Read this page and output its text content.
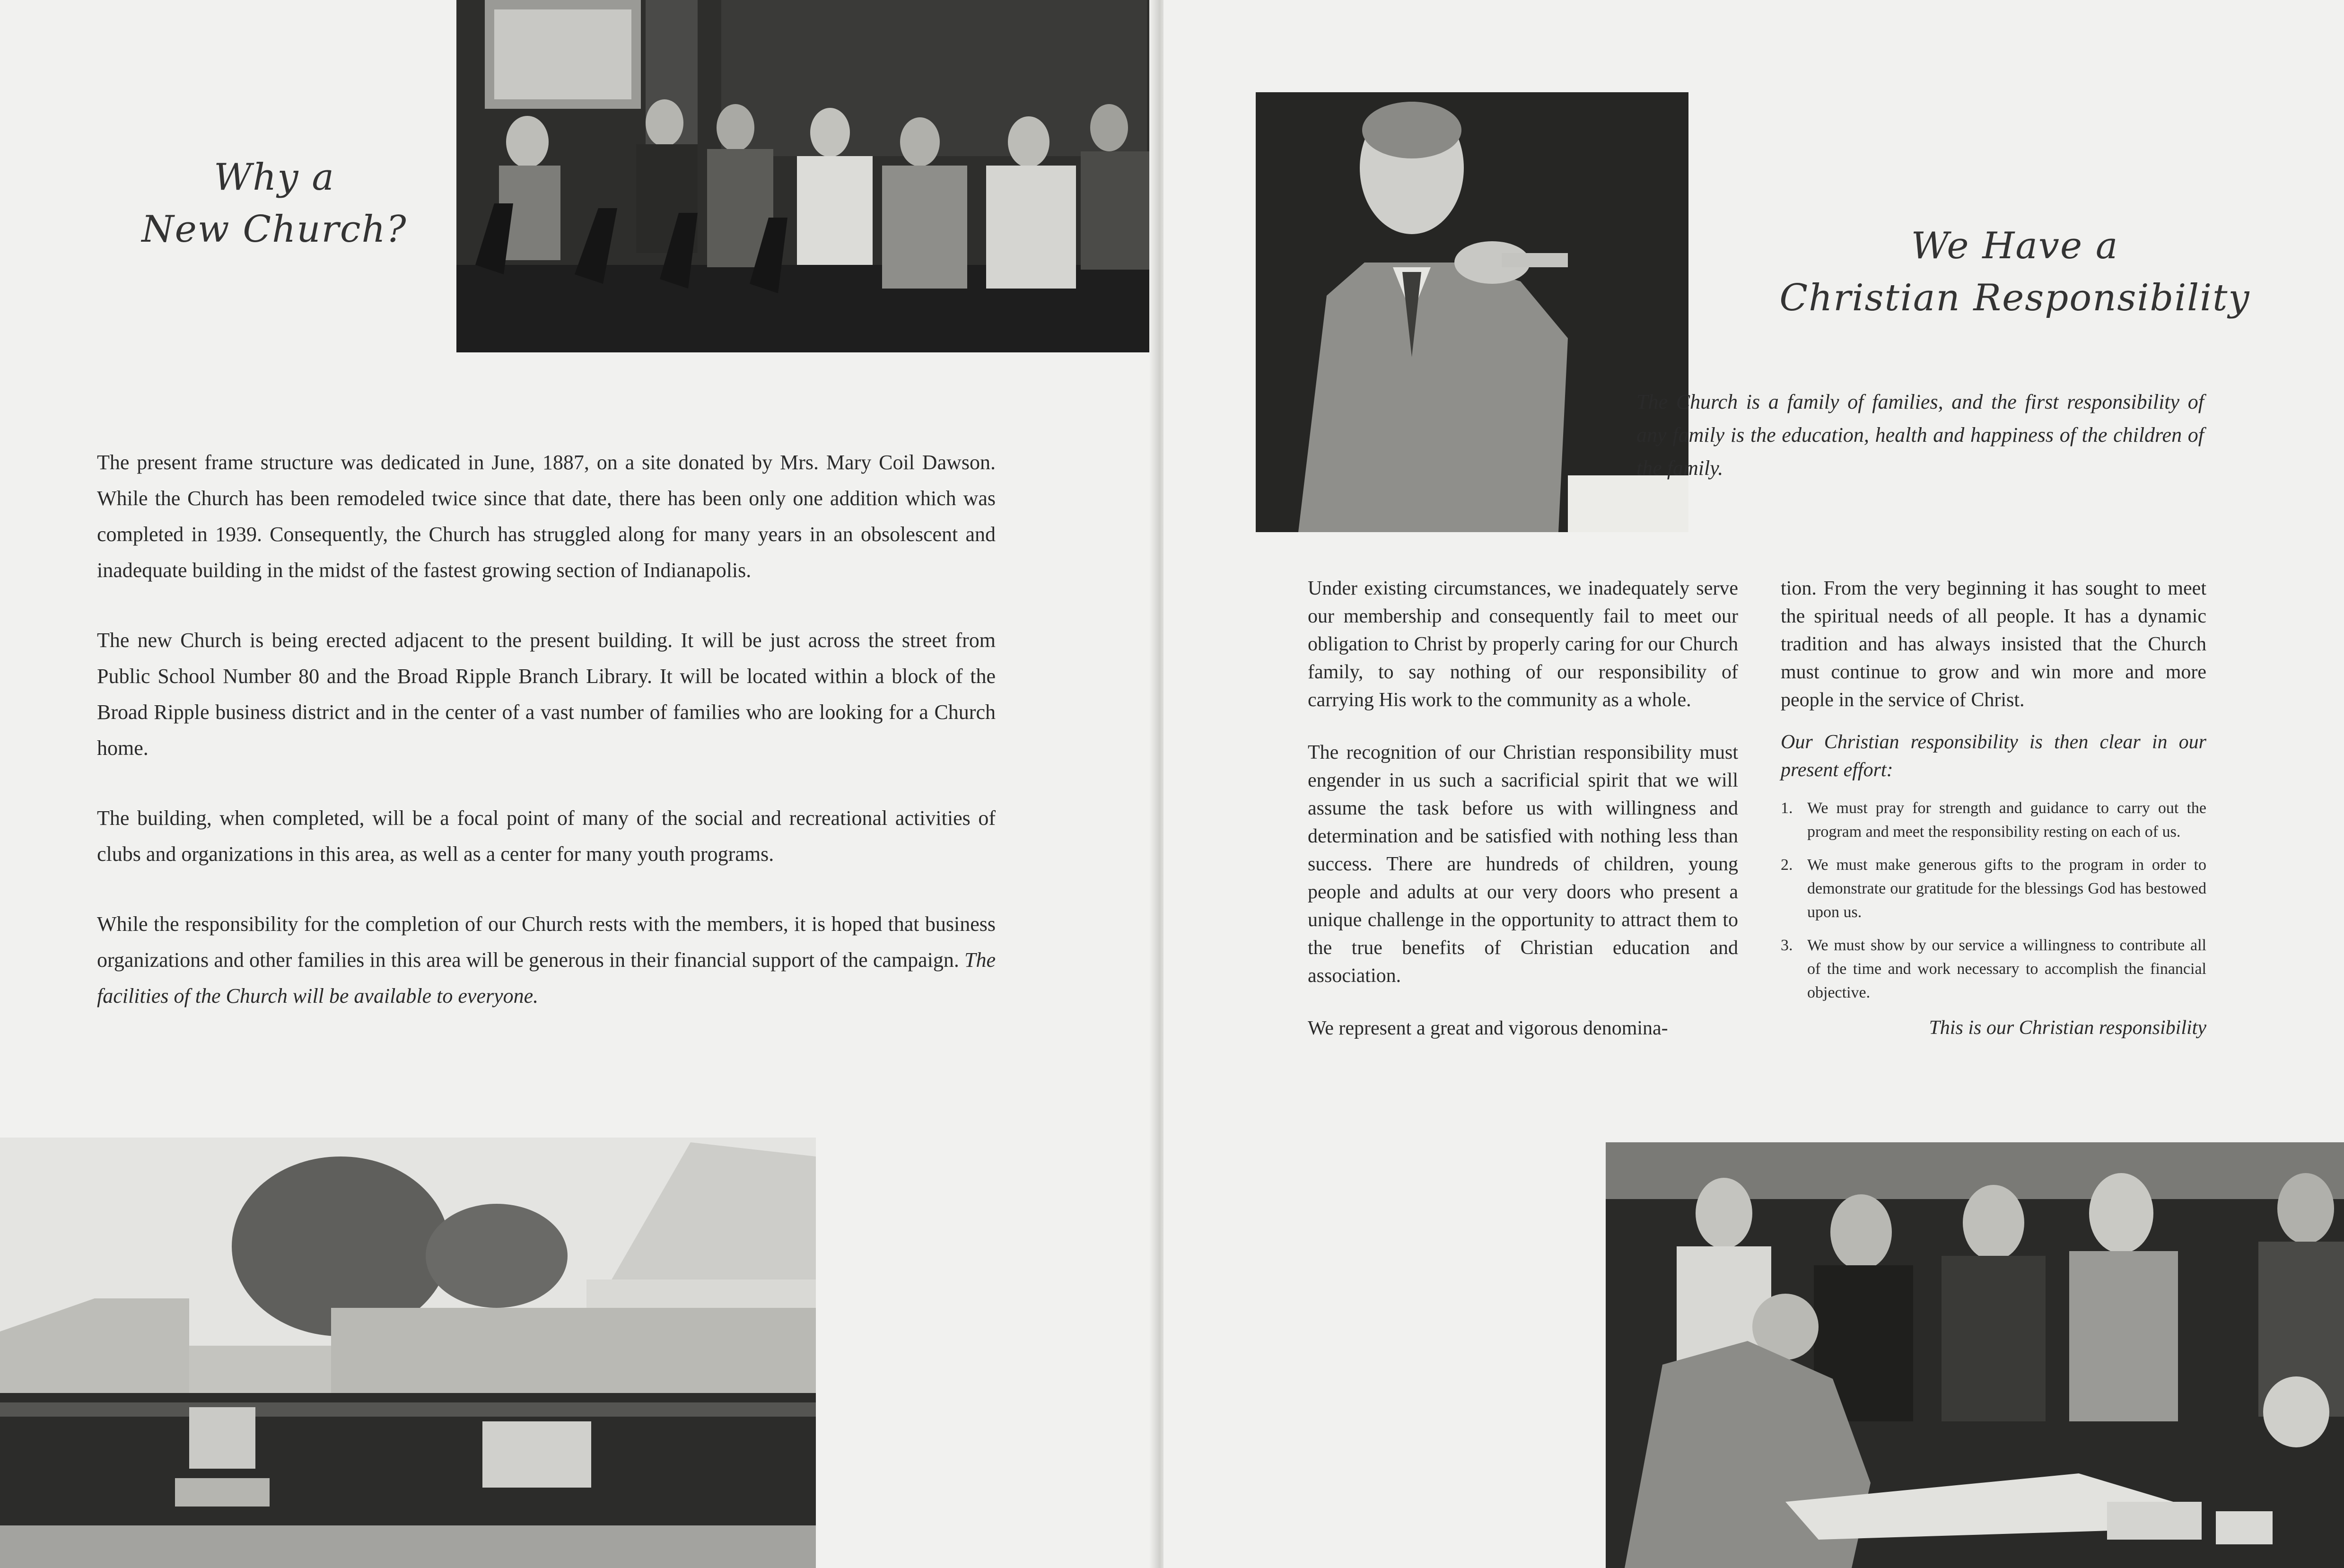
Why a
New Church?

The present frame structure was dedicated in June, 1887, on a site donated by Mrs. Mary Coil Dawson. While the Church has been remodeled twice since that date, there has been only one addition which was completed in 1939. Consequently, the Church has struggled along for many years in an obsolescent and inadequate building in the midst of the fastest growing section of Indianapolis.

The new Church is being erected adjacent to the present building. It will be just across the street from Public School Number 80 and the Broad Ripple Branch Library. It will be located within a block of the Broad Ripple business district and in the center of a vast number of families who are looking for a Church home.

The building, when completed, will be a focal point of many of the social and recreational activities of clubs and organizations in this area, as well as a center for many youth programs.

While the responsibility for the completion of our Church rests with the members, it is hoped that business organizations and other families in this area will be generous in their financial support of the campaign. The facilities of the Church will be available to everyone.

We Have a
Christian Responsibility
The Church is a family of families, and the first responsibility of any family is the education, health and happiness of the children of the family.

Under existing circumstances, we inadequately serve our membership and consequently fail to meet our obligation to Christ by properly caring for our Church family, to say nothing of our responsibility of carrying His work to the community as a whole.

The recognition of our Christian responsibility must engender in us such a sacrificial spirit that we will assume the task before us with willingness and determination and be satisfied with nothing less than success. There are hundreds of children, young people and adults at our very doors who present a unique challenge in the opportunity to attract them to the true benefits of Christian education and association.

We represent a great and vigorous denomina-

tion. From the very beginning it has sought to meet the spiritual needs of all people. It has a dynamic tradition and has always insisted that the Church must continue to grow and win more and more people in the service of Christ.

Our Christian responsibility is then clear in our present effort:

1. We must pray for strength and guidance to carry out the program and meet the responsibility resting on each of us.
2. We must make generous gifts to the program in order to demonstrate our gratitude for the blessings God has bestowed upon us.
3. We must show by our service a willingness to contribute all of the time and work necessary to accomplish the financial objective.

This is our Christian responsibility
